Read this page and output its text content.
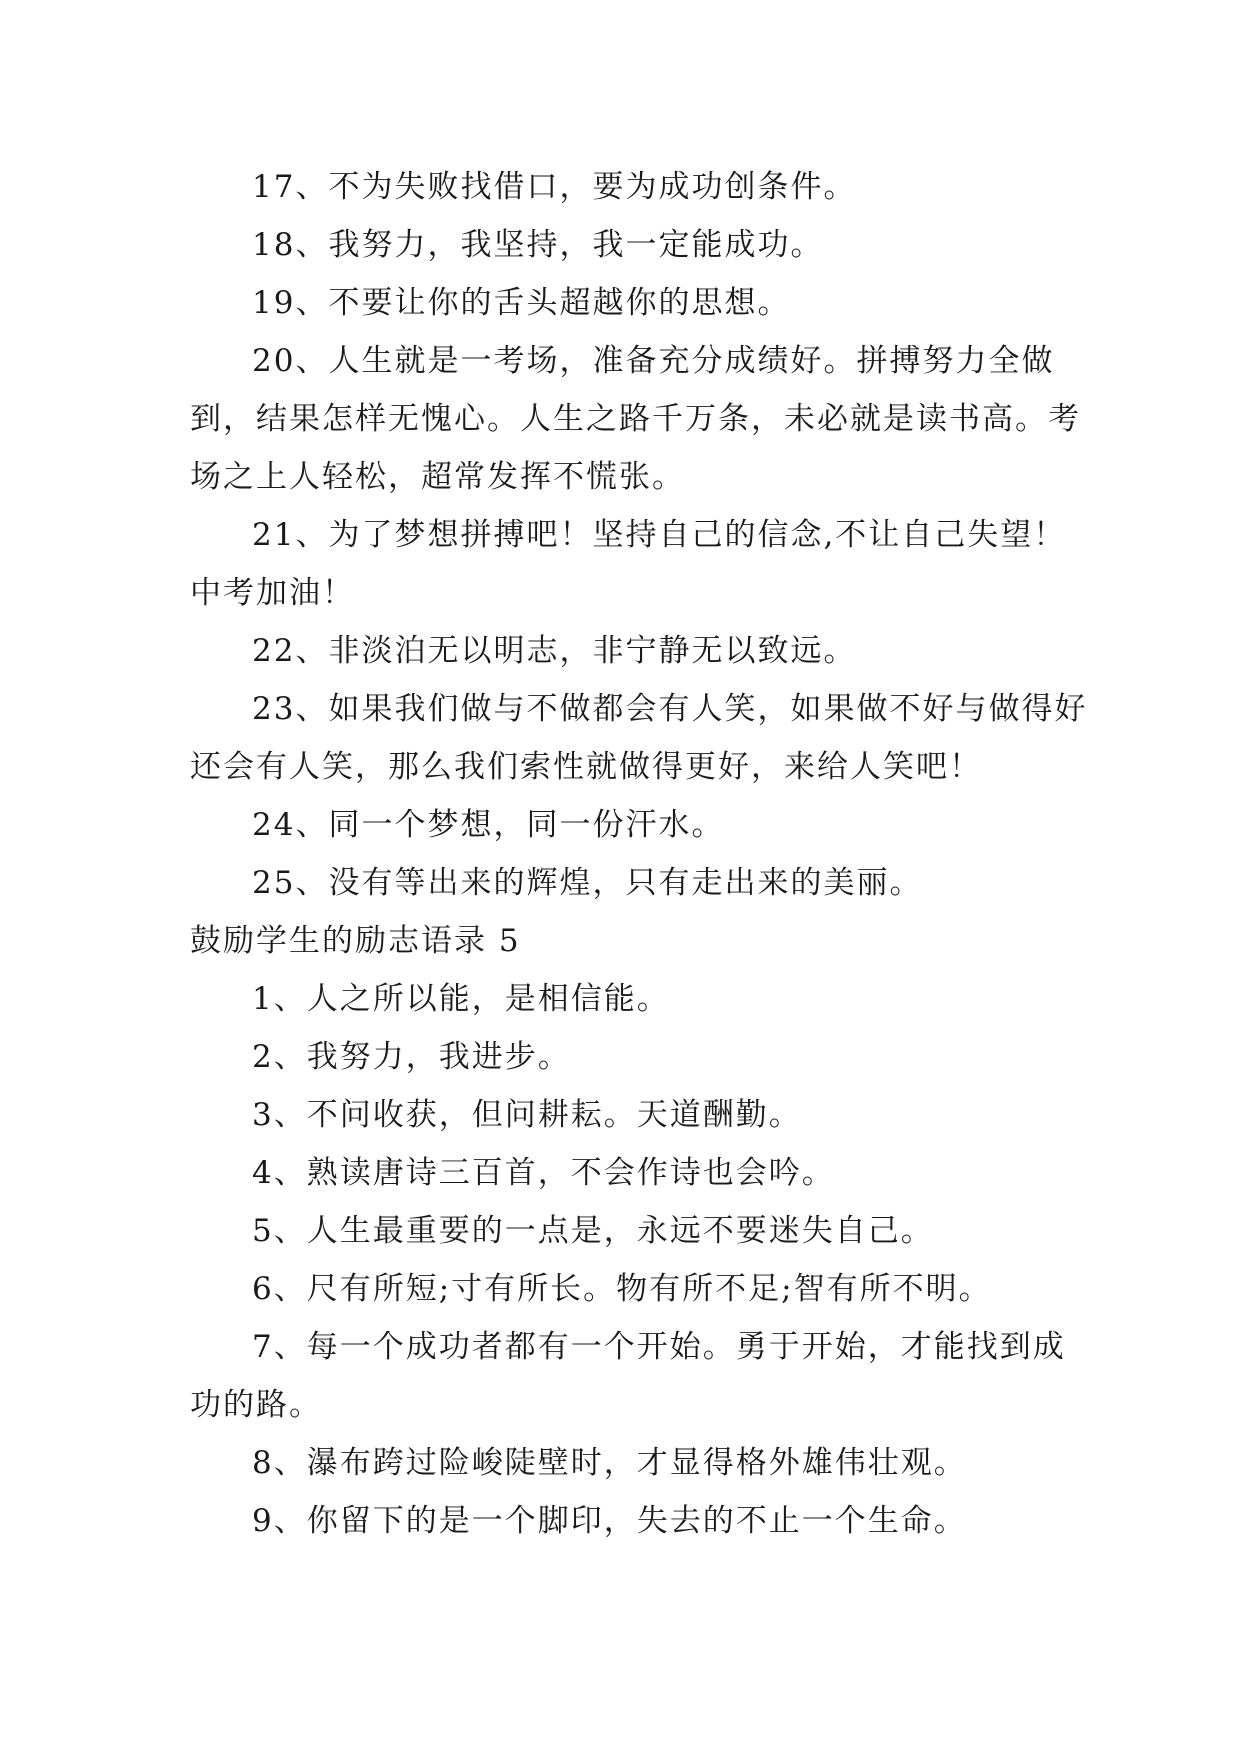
17、不为失败找借口，要为成功创条件。

18、我努力，我坚持，我一定能成功。

19、不要让你的舌头超越你的思想。

20、人生就是一考场，准备充分成绩好。拼搏努力全做到，结果怎样无愧心。人生之路千万条，未必就是读书高。考场之上人轻松，超常发挥不慌张。

21、为了梦想拼搏吧！坚持自己的信念,不让自己失望！中考加油！

22、非淡泊无以明志，非宁静无以致远。

23、如果我们做与不做都会有人笑，如果做不好与做得好还会有人笑，那么我们索性就做得更好，来给人笑吧！

24、同一个梦想，同一份汗水。

25、没有等出来的辉煌，只有走出来的美丽。

鼓励学生的励志语录 5

1、人之所以能，是相信能。

2、我努力，我进步。

3、不问收获，但问耕耘。天道酬勤。

4、熟读唐诗三百首，不会作诗也会吟。

5、人生最重要的一点是，永远不要迷失自己。

6、尺有所短;寸有所长。物有所不足;智有所不明。

7、每一个成功者都有一个开始。勇于开始，才能找到成功的路。

8、瀑布跨过险峻陡壁时，才显得格外雄伟壮观。

9、你留下的是一个脚印，失去的不止一个生命。
